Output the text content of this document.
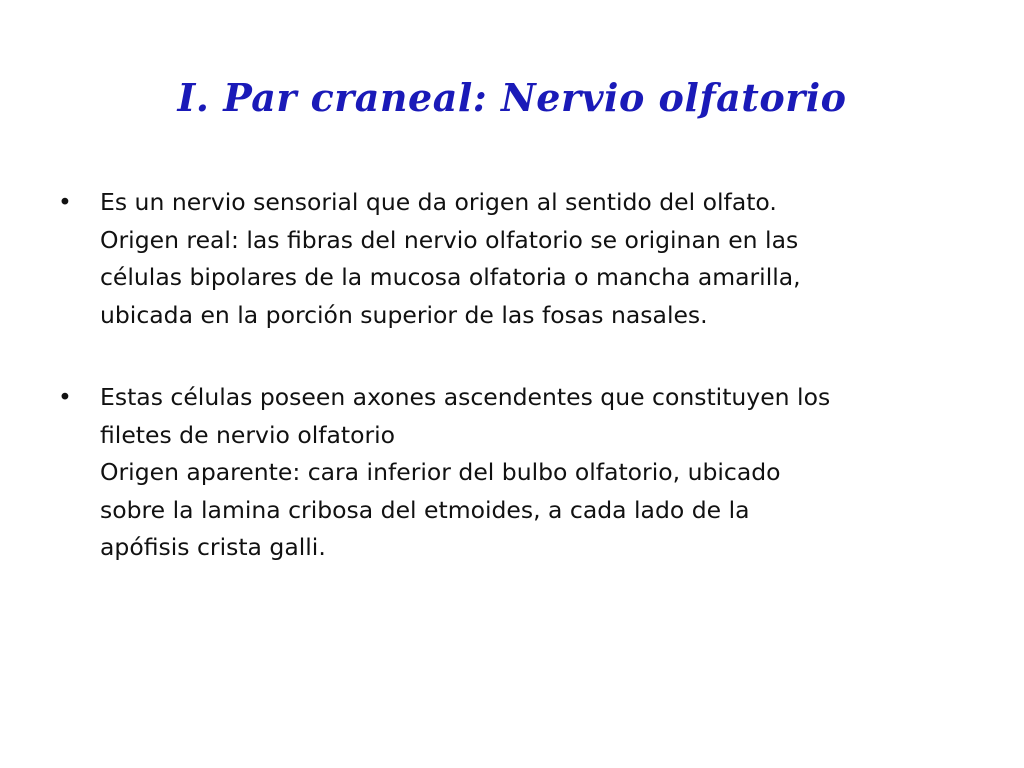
I. Par craneal: Nervio olfatorio
•	Es un nervio sensorial que da origen al sentido del olfato.
Origen real: las fibras del nervio olfatorio se originan en las
células bipolares de la mucosa olfatoria o mancha amarilla,
ubicada en la porción superior de las fosas nasales.
•	Estas células poseen axones ascendentes que constituyen los
filetes de nervio olfatorio
Origen aparente: cara inferior del bulbo olfatorio, ubicado
sobre la lamina cribosa del etmoides, a cada lado de la
apófisis crista galli.
